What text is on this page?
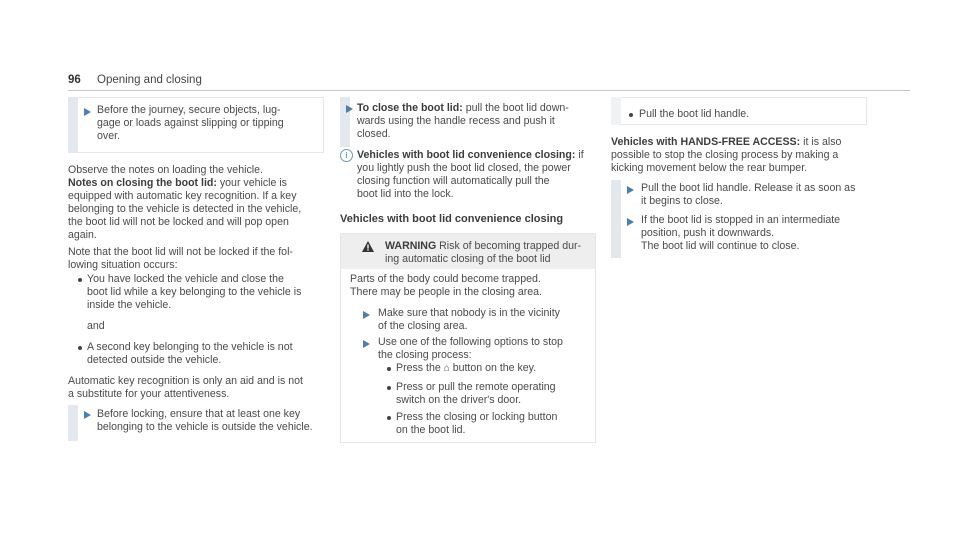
96 Opening and closing
Before the journey, secure objects, lug-
gage or loads against slipping or tipping
over.
Observe the notes on loading the vehicle.
Notes on closing the boot lid: your vehicle is
equipped with automatic key recognition. If a key
belonging to the vehicle is detected in the vehicle,
the boot lid will not be locked and will pop open
again.
Note that the boot lid will not be locked if the fol-
lowing situation occurs:
You have locked the vehicle and close the
boot lid while a key belonging to the vehicle is
inside the vehicle.
and
A second key belonging to the vehicle is not
detected outside the vehicle.
Automatic key recognition is only an aid and is not
a substitute for your attentiveness.
Before locking, ensure that at least one key
belonging to the vehicle is outside the vehicle.
To close the boot lid: pull the boot lid down-
wards using the handle recess and push it
closed.
i Vehicles with boot lid convenience closing: if
you lightly push the boot lid closed, the power
closing function will automatically pull the
boot lid into the lock.
Vehicles with boot lid convenience closing
WARNING Risk of becoming trapped dur-
ing automatic closing of the boot lid
Parts of the body could become trapped.
There may be people in the closing area.
Make sure that nobody is in the vicinity
of the closing area.
Use one of the following options to stop
the closing process:
Press the ⌂ button on the key.
Press or pull the remote operating
switch on the driver's door.
Press the closing or locking button
on the boot lid.
Pull the boot lid handle.
Vehicles with HANDS-FREE ACCESS: it is also
possible to stop the closing process by making a
kicking movement below the rear bumper.
Pull the boot lid handle. Release it as soon as
it begins to close.
If the boot lid is stopped in an intermediate
position, push it downwards.
The boot lid will continue to close.
